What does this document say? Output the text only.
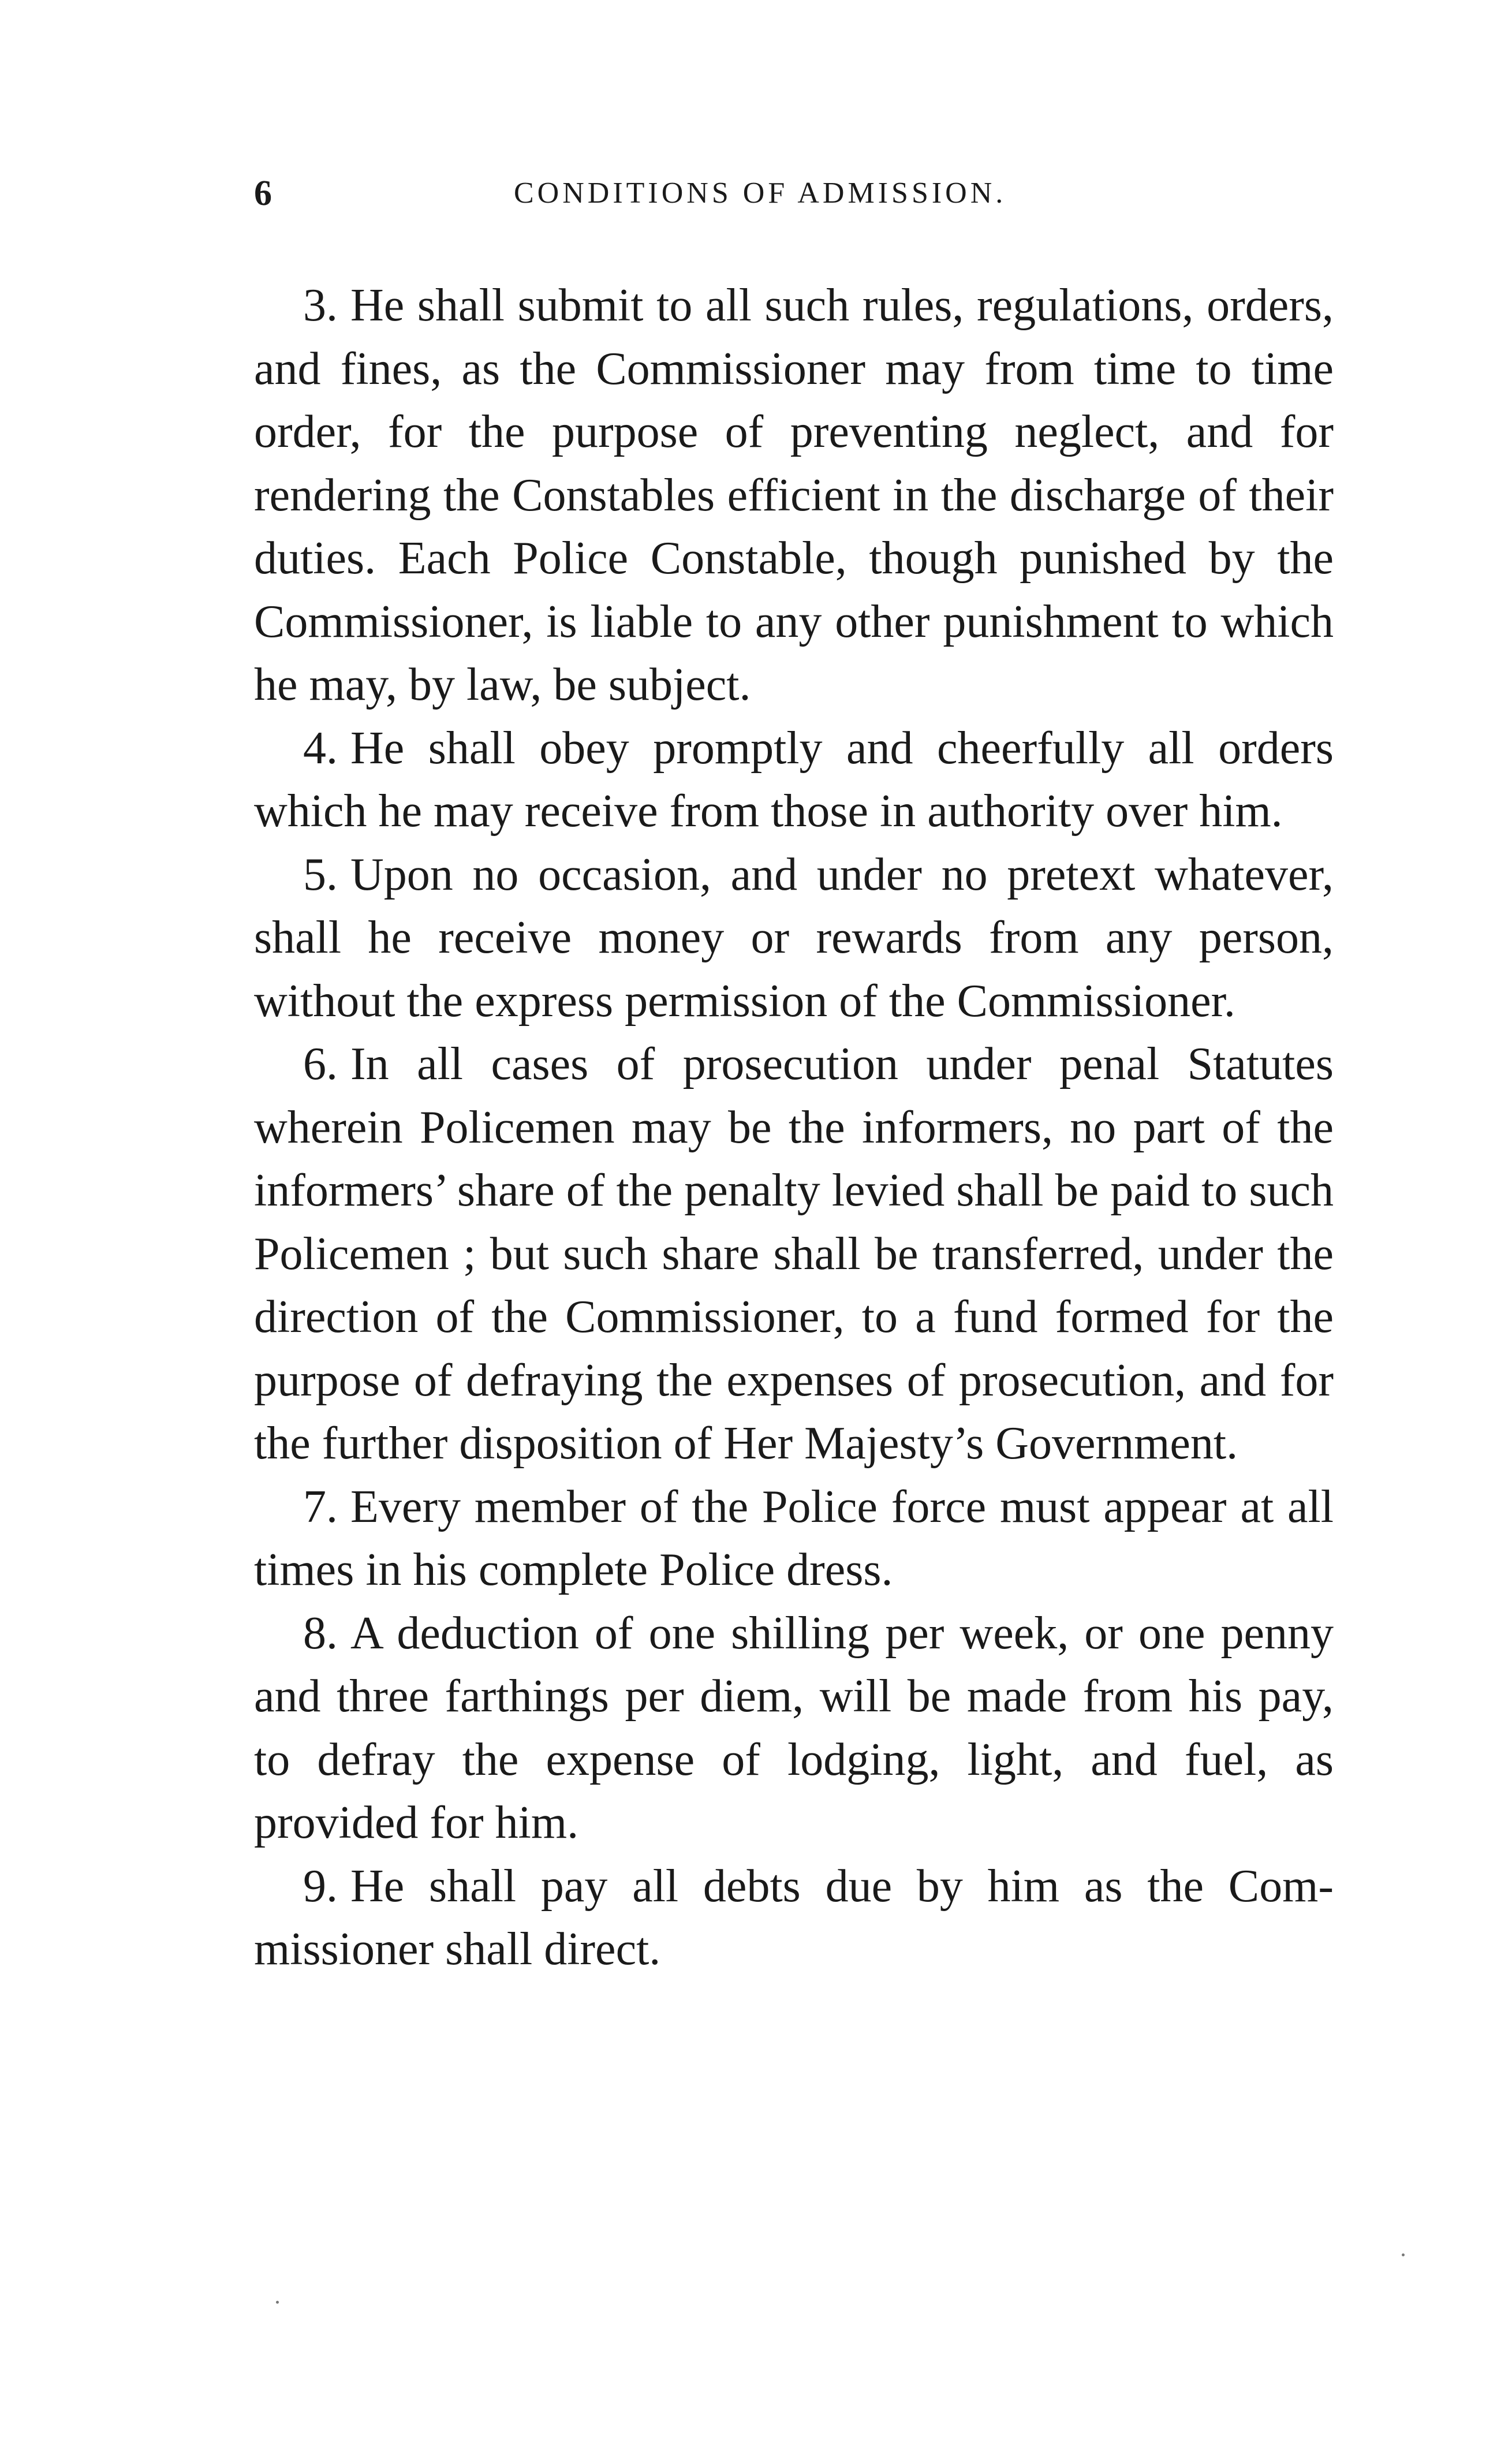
6	CONDITIONS OF ADMISSION.

3. He shall submit to all such rules, regulations, orders, and fines, as the Commissioner may from time to time order, for the purpose of preventing neglect, and for rendering the Constables efficient in the discharge of their duties. Each Police Constable, though punished by the Commissioner, is liable to any other punishment to which he may, by law, be subject.

4. He shall obey promptly and cheerfully all orders which he may receive from those in authority over him.

5. Upon no occasion, and under no pretext whatever, shall he receive money or rewards from any person, without the express permission of the Commissioner.

6. In all cases of prosecution under penal Statutes wherein Policemen may be the informers, no part of the informers’ share of the penalty levied shall be paid to such Policemen ; but such share shall be transferred, under the direction of the Commissioner, to a fund formed for the purpose of defraying the expenses of prosecution, and for the further disposition of Her Majesty’s Government.

7. Every member of the Police force must appear at all times in his complete Police dress.

8. A deduction of one shilling per week, or one penny and three farthings per diem, will be made from his pay, to defray the expense of lodging, light, and fuel, as provided for him.

9. He shall pay all debts due by him as the Commissioner shall direct.
